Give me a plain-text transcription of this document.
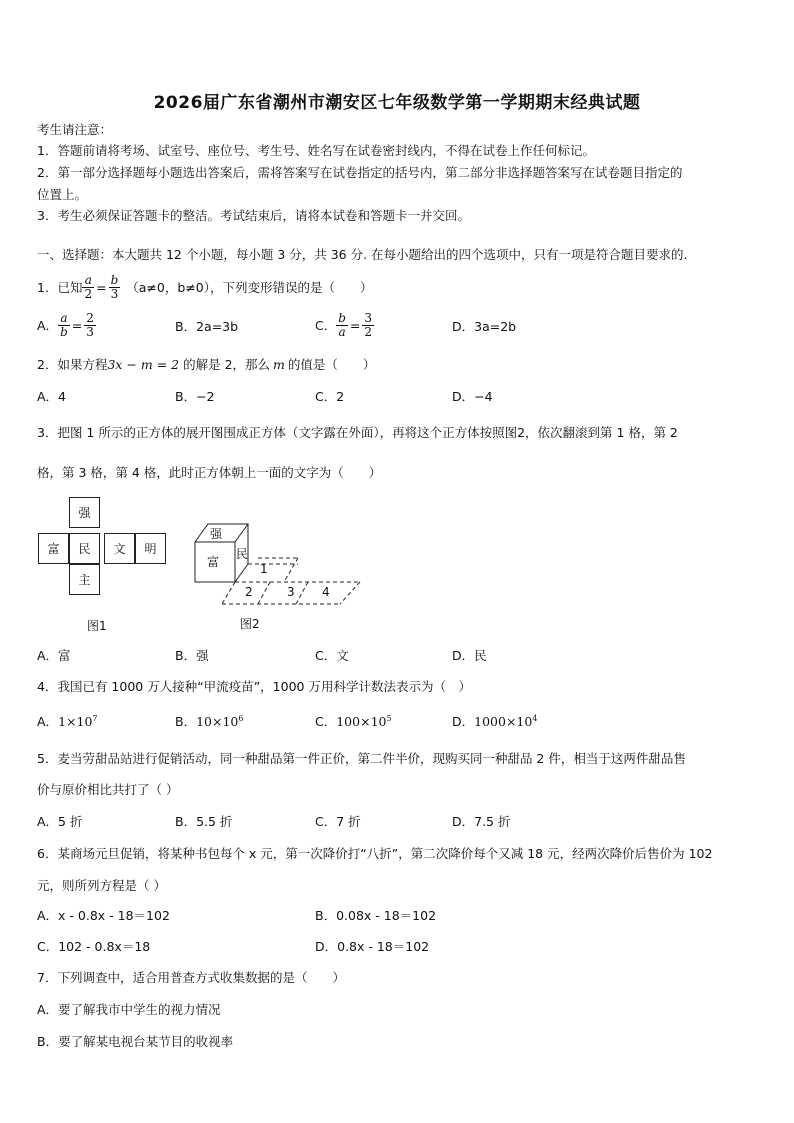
2026届广东省潮州市潮安区七年级数学第一学期期末经典试题
考生请注意：
1．答题前请将考场、试室号、座位号、考生号、姓名写在试卷密封线内，不得在试卷上作任何标记。
2．第一部分选择题每小题选出答案后，需将答案写在试卷指定的括号内，第二部分非选择题答案写在试卷题目指定的
位置上。
3．考生必须保证答题卡的整洁。考试结束后，请将本试卷和答题卡一并交回。
一、选择题：本大题共 12 个小题，每小题 3 分，共 36 分. 在每小题给出的四个选项中，只有一项是符合题目要求的.
1．已知 $\frac{a}{2} = \frac{b}{3} (a\ne 0$，b≠0），下列变形错误的是（　　）
A． $\frac{a}{b} = \frac{2}{3}$	B．2a=3b	C． $\frac{b}{a} = \frac{3}{2}$	D．3a=2b
2．如果方程3x − m = 2 的解是 2，那么 m 的值是（　　）
A．4	B．−2	C．2	D．−4
3．把图 1 所示的正方体的展开图围成正方体（文字露在外面），再将这个正方体按照图2，依次翻滚到第 1 格，第 2
格，第 3 格，第 4 格，此时正方体朝上一面的文字为（　　）
强
富	民	文	明
主
图1
强
富
民
1
2	3 4
图2
A．富	B．强	C．文	D．民
4．我国已有 1000 万人接种“甲流疫苗”，1000 万用科学计数法表示为（　）
A．$1\times 10^7$	B．$10\times 10^6$	C．$100\times 10^5$	D．$1000\times 10^4$
5．麦当劳甜品站进行促销活动，同一种甜品第一件正价，第二件半价，现购买同一种甜品 2 件，相当于这两件甜品售
价与原价相比共打了（ ）
A．5 折	B．5.5 折	C．7 折	D．7.5 折
6．某商场元旦促销，将某种书包每个 x 元，第一次降价打“八折”，第二次降价每个又减 18 元，经两次降价后售价为 102
元，则所列方程是（ ）
A．x - 0.8x - 18＝102	B．0.08x - 18＝102
C．102 - 0.8x＝18	D．0.8x - 18＝102
7．下列调查中，适合用普查方式收集数据的是（　　）
A．要了解我市中学生的视力情况
B．要了解某电视台某节目的收视率
